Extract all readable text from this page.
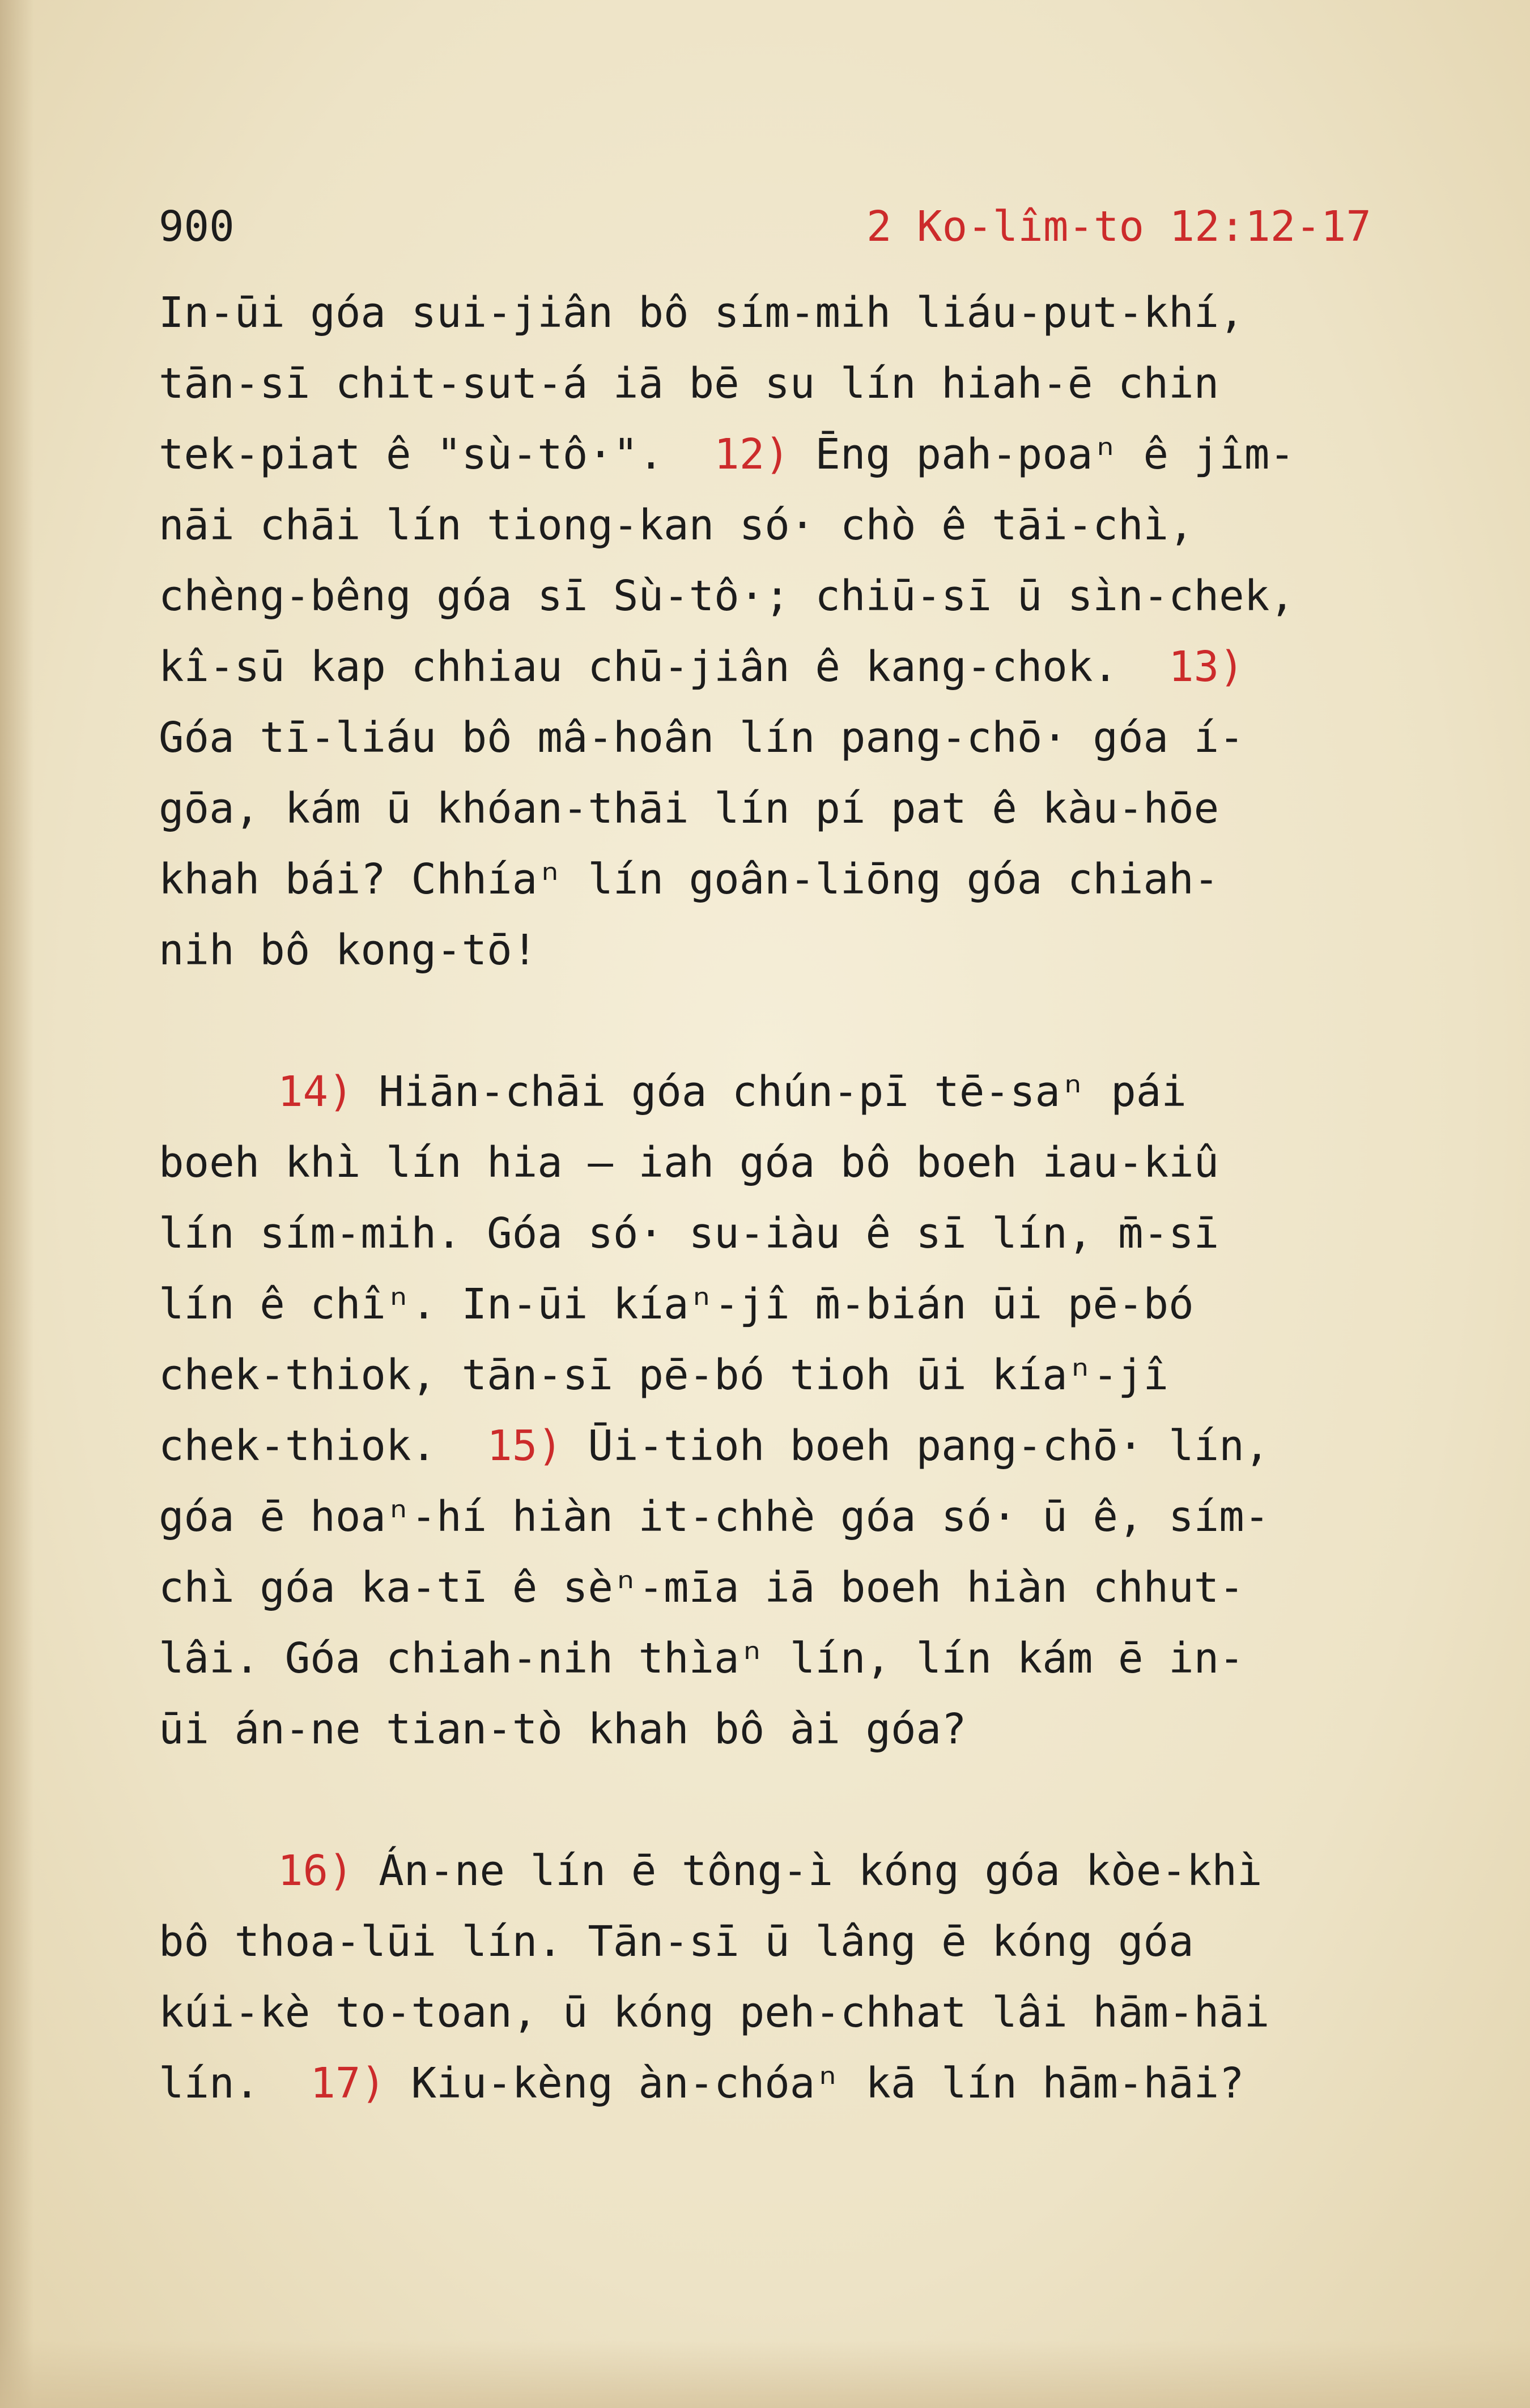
900	2 Ko-lîm-to 12:12-17
In-ūi góa sui-jiân bô sím-mih liáu-put-khí,
tān-sī chit-sut-á iā bē su lín hiah-ē chin
tek-piat ê "sù-tô·".  12) Ēng pah-poaⁿ ê jîm-
nāi chāi lín tiong-kan só· chò ê tāi-chì,
chèng-bêng góa sī Sù-tô·; chiū-sī ū sìn-chek,
kî-sū kap chhiau chū-jiân ê kang-chok.  13)
Góa tī-liáu bô mâ-hoân lín pang-chō· góa í-
gōa, kám ū khóan-thāi lín pí pat ê kàu-hōe
khah bái? Chhíaⁿ lín goân-liōng góa chiah-
nih bô kong-tō!
14) Hiān-chāi góa chún-pī tē-saⁿ pái
boeh khì lín hia — iah góa bô boeh iau-kiû
lín sím-mih. Góa só· su-iàu ê sī lín, m̄-sī
lín ê chîⁿ. In-ūi kíaⁿ-jî m̄-bián ūi pē-bó
chek-thiok, tān-sī pē-bó tioh ūi kíaⁿ-jî
chek-thiok.  15) Ūi-tioh boeh pang-chō· lín,
góa ē hoaⁿ-hí hiàn it-chhè góa só· ū ê, sím-
chì góa ka-tī ê sèⁿ-mīa iā boeh hiàn chhut-
lâi. Góa chiah-nih thìaⁿ lín, lín kám ē in-
ūi án-ne tian-tò khah bô ài góa?
16) Án-ne lín ē tông-ì kóng góa kòe-khì
bô thoa-lūi lín. Tān-sī ū lâng ē kóng góa
kúi-kè to-toan, ū kóng peh-chhat lâi hām-hāi
lín.  17) Kiu-kèng àn-chóaⁿ kā lín hām-hāi?
